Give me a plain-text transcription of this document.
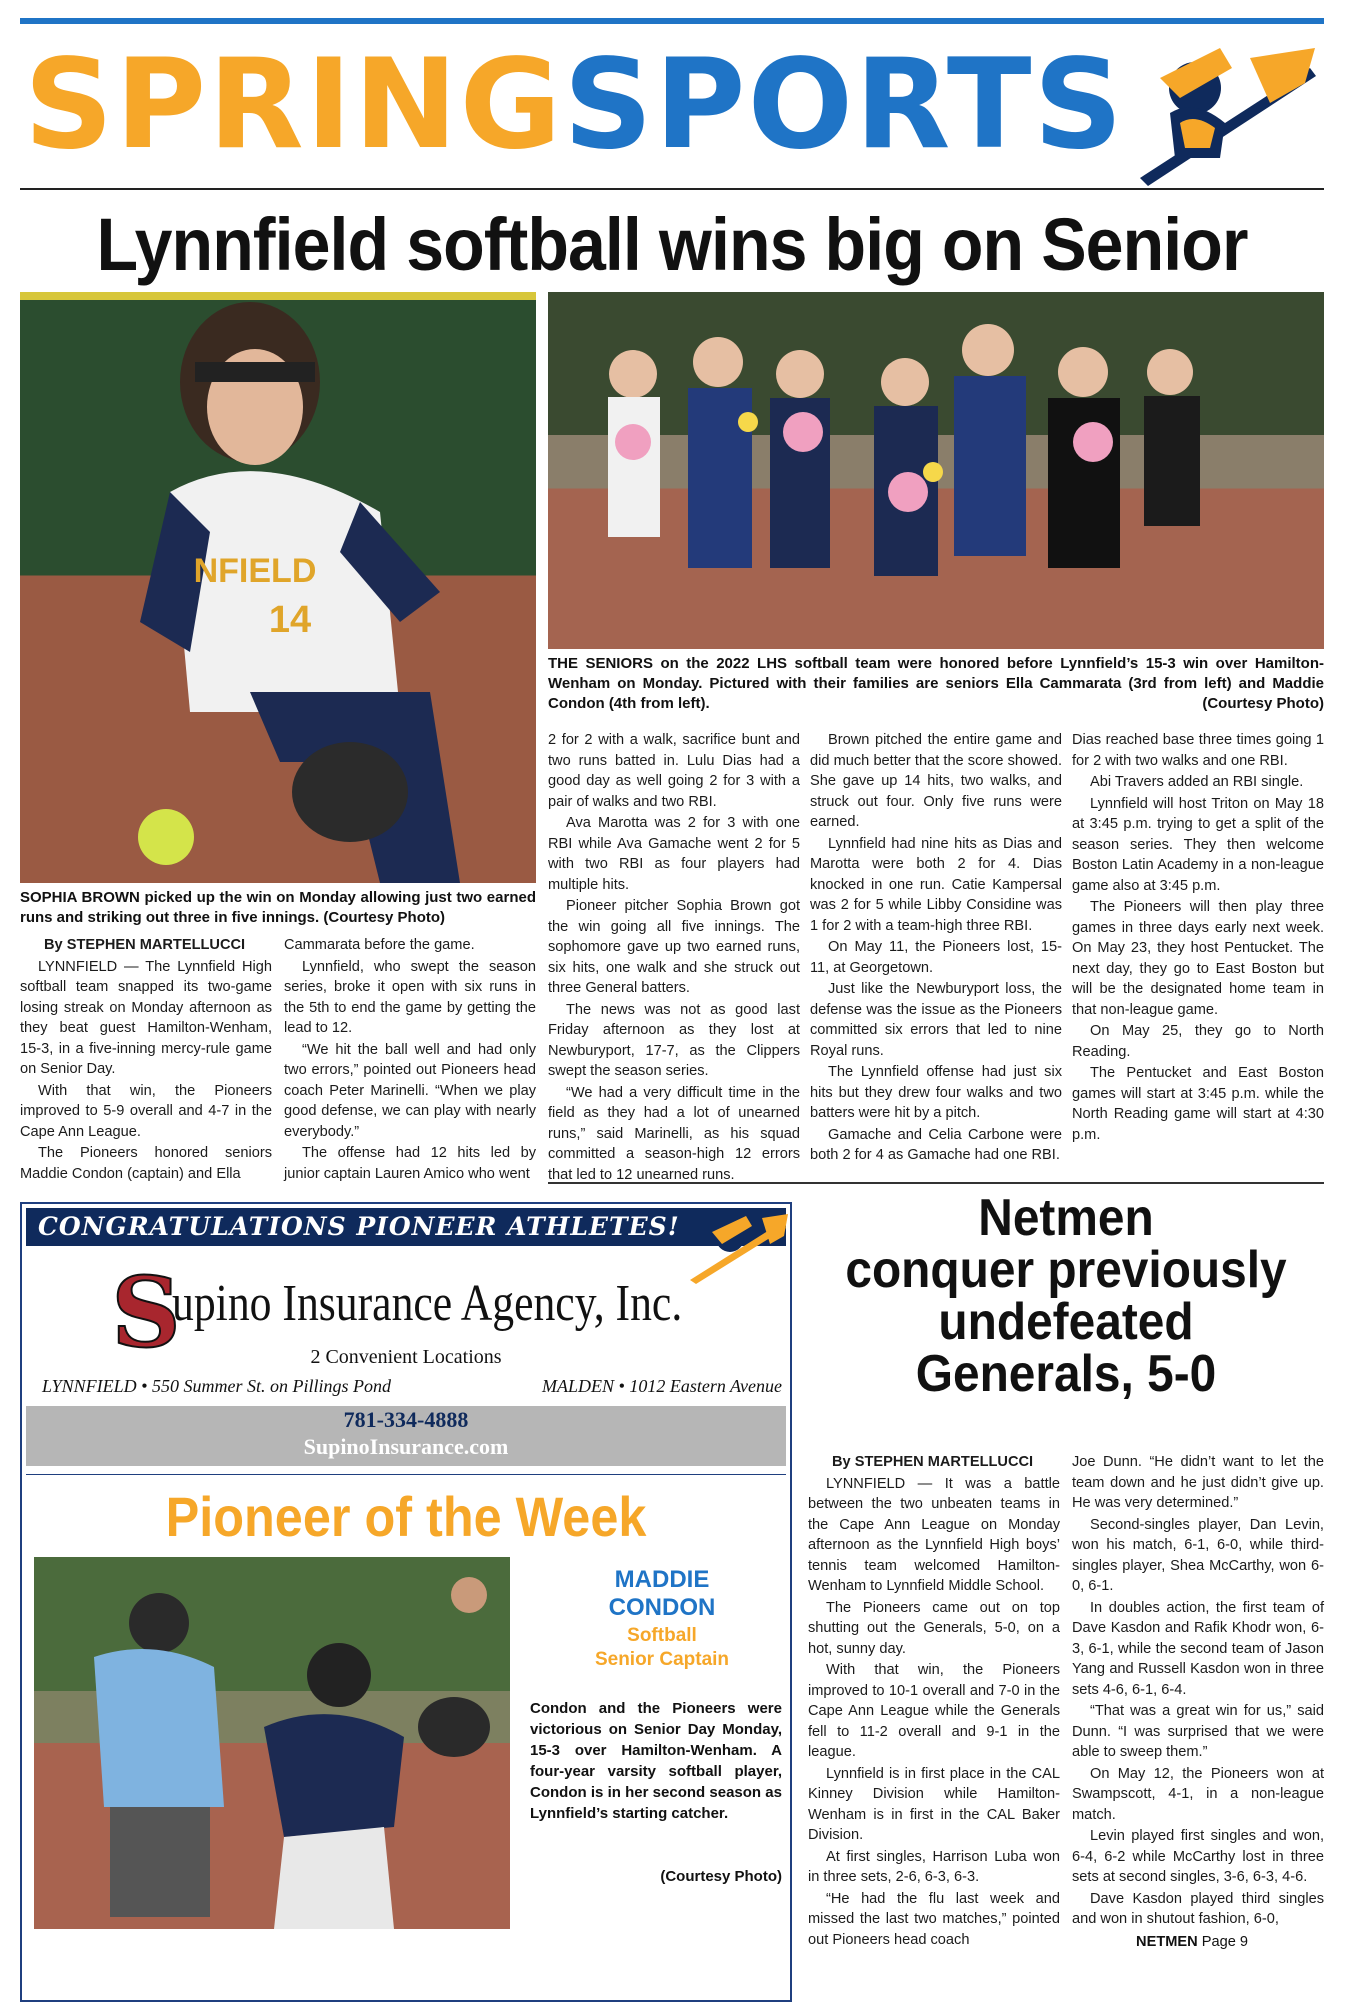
SPRING SPORTS
Lynnfield softball wins big on Senior
NFIELD
14
THE SENIORS on the 2022 LHS softball team were honored before Lynnfield’s 15-3 win over Hamilton-Wenham on Monday. Pictured with their families are seniors Ella Cammarata (3rd from left) and Maddie Condon (4th from left).	(Courtesy Photo)
SOPHIA BROWN picked up the win on Monday allowing just two earned runs and striking out three in five innings. (Courtesy Photo)

By STEPHEN MARTELLUCCI

LYNNFIELD — The Lynnfield High softball team snapped its two-game losing streak on Monday afternoon as they beat guest Hamilton-Wenham, 15-3, in a five-inning mercy-rule game on Senior Day.

With that win, the Pioneers improved to 5-9 overall and 4-7 in the Cape Ann League.

The Pioneers honored seniors Maddie Condon (captain) and Ella

Cammarata before the game.

Lynnfield, who swept the season series, broke it open with six runs in the 5th to end the game by getting the lead to 12.

“We hit the ball well and had only two errors,” pointed out Pioneers head coach Peter Marinelli. “When we play good defense, we can play with nearly everybody.”

The offense had 12 hits led by junior captain Lauren Amico who went

2 for 2 with a walk, sacrifice bunt and two runs batted in. Lulu Dias had a good day as well going 2 for 3 with a pair of walks and two RBI.

Ava Marotta was 2 for 3 with one RBI while Ava Gamache went 2 for 5 with two RBI as four players had multiple hits.

Pioneer pitcher Sophia Brown got the win going all five innings. The sophomore gave up two earned runs, six hits, one walk and she struck out three General batters.

The news was not as good last Friday afternoon as they lost at Newburyport, 17-7, as the Clippers swept the season series.

“We had a very difficult time in the field as they had a lot of unearned runs,” said Marinelli, as his squad committed a season-high 12 errors that led to 12 unearned runs.

Brown pitched the entire game and did much better that the score showed. She gave up 14 hits, two walks, and struck out four. Only five runs were earned.

Lynnfield had nine hits as Dias and Marotta were both 2 for 4. Dias knocked in one run. Catie Kampersal was 2 for 5 while Libby Considine was 1 for 2 with a team-high three RBI.

On May 11, the Pioneers lost, 15-11, at Georgetown.

Just like the Newburyport loss, the defense was the issue as the Pioneers committed six errors that led to nine Royal runs.

The Lynnfield offense had just six hits but they drew four walks and two batters were hit by a pitch.

Gamache and Celia Carbone were both 2 for 4 as Gamache had one RBI.

Dias reached base three times going 1 for 2 with two walks and one RBI.

Abi Travers added an RBI single.

Lynnfield will host Triton on May 18 at 3:45 p.m. trying to get a split of the season series. They then welcome Boston Latin Academy in a non-league game also at 3:45 p.m.

The Pioneers will then play three games in three days early next week. On May 23, they host Pentucket. The next day, they go to East Boston but will be the designated home team in that non-league game.

On May 25, they go to North Reading.

The Pentucket and East Boston games will start at 3:45 p.m. while the North Reading game will start at 4:30 p.m.

CONGRATULATIONS PIONEER ATHLETES!
S
upino Insurance Agency, Inc.
2 Convenient Locations
LYNNFIELD • 550 Summer St. on Pillings Pond	MALDEN • 1012 Eastern Avenue
781-334-4888
SupinoInsurance.com
Pioneer of the Week
MADDIE
CONDON
Softball
Senior Captain
Condon and the Pioneers were victorious on Senior Day Monday, 15-3 over Hamilton-Wenham. A four-year varsity softball player, Condon is in her second season as Lynnfield’s starting catcher.
(Courtesy Photo)
Netmen
conquer previously
undefeated
Generals, 5-0

By STEPHEN MARTELLUCCI

LYNNFIELD — It was a battle between the two unbeaten teams in the Cape Ann League on Monday afternoon as the Lynnfield High boys’ tennis team welcomed Hamilton-Wenham to Lynnfield Middle School.

The Pioneers came out on top shutting out the Generals, 5-0, on a hot, sunny day.

With that win, the Pioneers improved to 10-1 overall and 7-0 in the Cape Ann League while the Generals fell to 11-2 overall and 9-1 in the league.

Lynnfield is in first place in the CAL Kinney Division while Hamilton-Wenham is in first in the CAL Baker Division.

At first singles, Harrison Luba won in three sets, 2-6, 6-3, 6-3.

“He had the flu last week and missed the last two matches,” pointed out Pioneers head coach

Joe Dunn. “He didn’t want to let the team down and he just didn’t give up. He was very determined.”

Second-singles player, Dan Levin, won his match, 6-1, 6-0, while third-singles player, Shea McCarthy, won 6-0, 6-1.

In doubles action, the first team of Dave Kasdon and Rafik Khodr won, 6-3, 6-1, while the second team of Jason Yang and Russell Kasdon won in three sets 4-6, 6-1, 6-4.

“That was a great win for us,” said Dunn. “I was surprised that we were able to sweep them.”

On May 12, the Pioneers won at Swampscott, 4-1, in a non-league match.

Levin played first singles and won, 6-4, 6-2 while McCarthy lost in three sets at second singles, 3-6, 6-3, 4-6.

Dave Kasdon played third singles and won in shutout fashion, 6-0,

NETMEN Page 9
